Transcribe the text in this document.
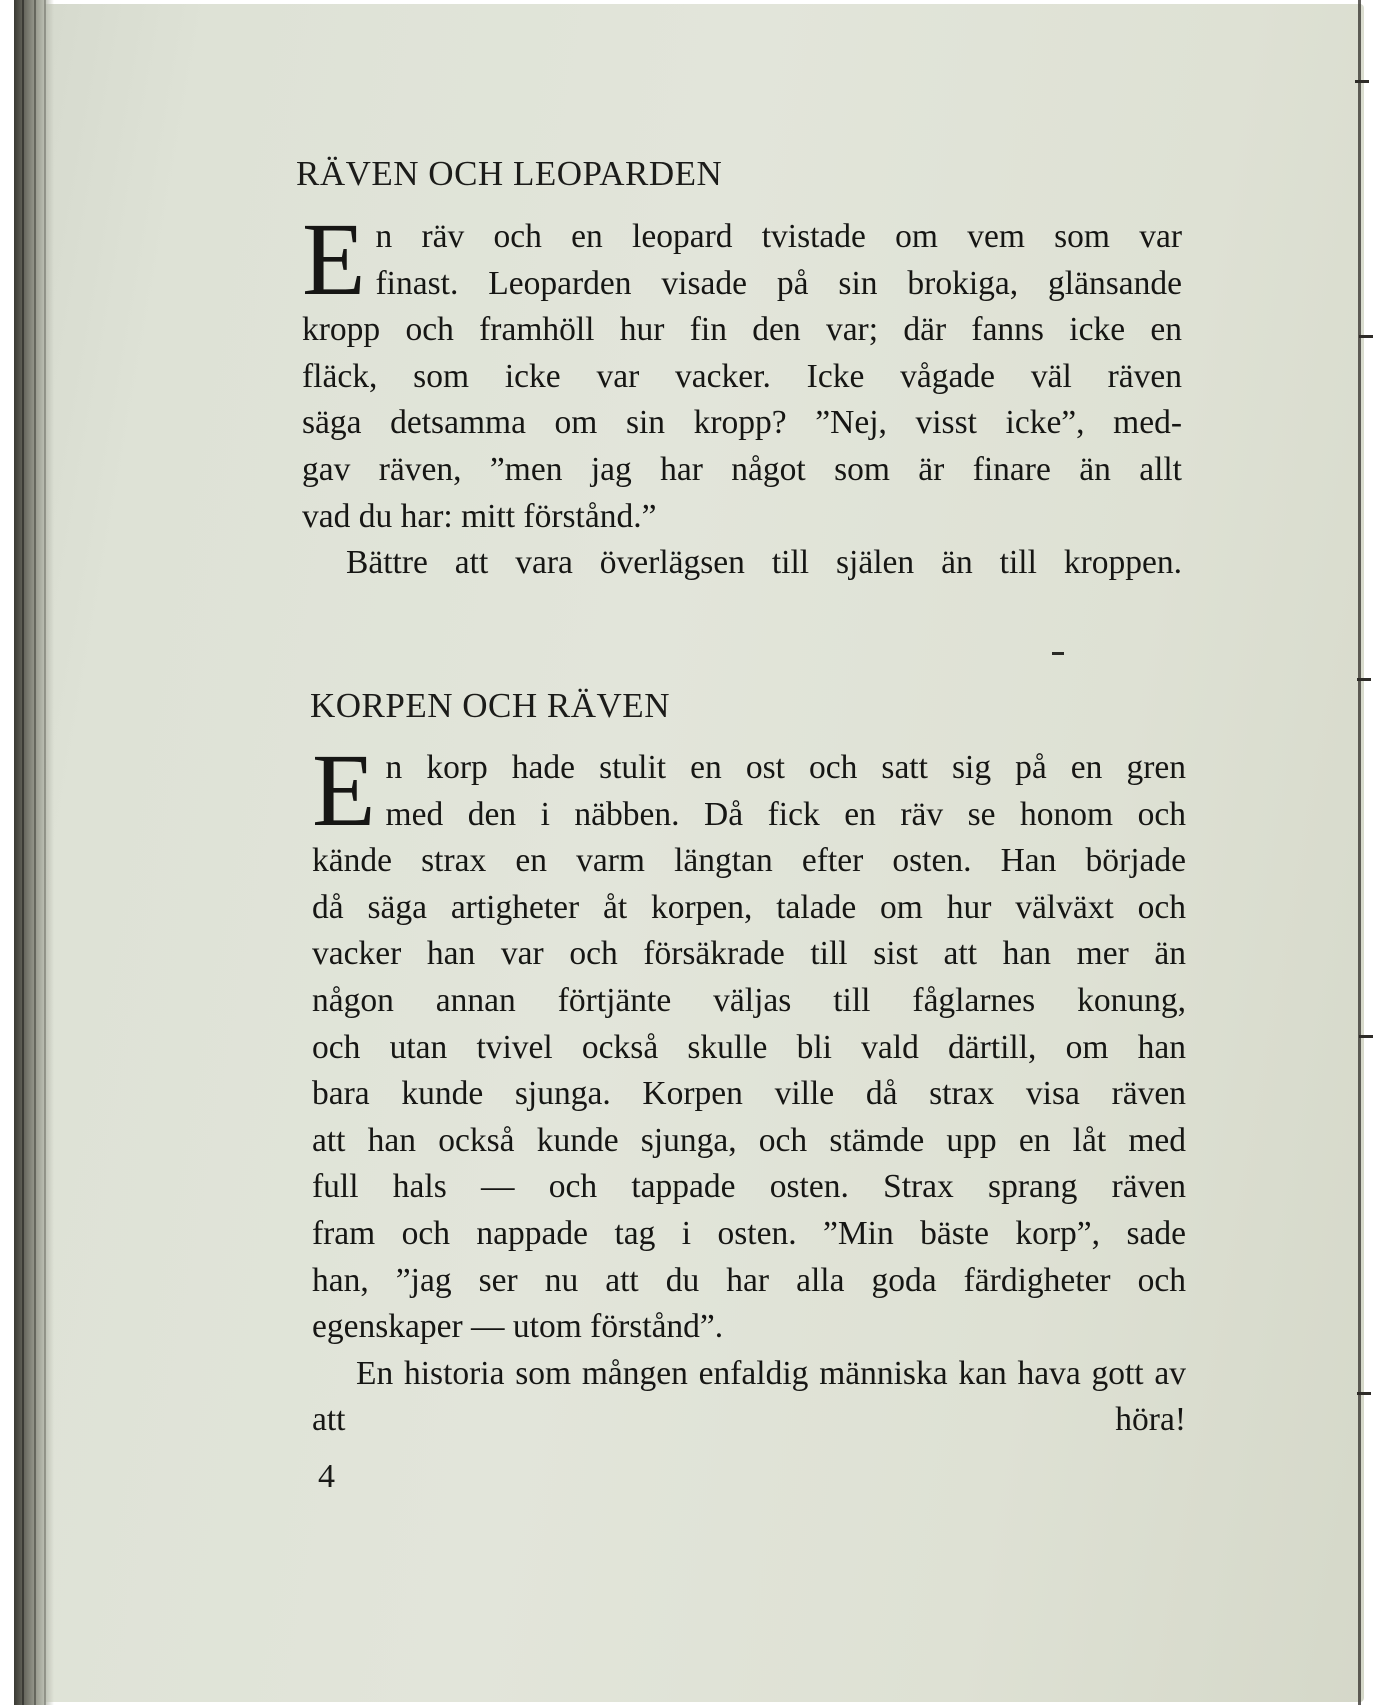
RÄVEN OCH LEOPARDEN
E n räv och en leopard tvistade om vem som var

finast. Leoparden visade på sin brokiga, glänsande

kropp och framhöll hur fin den var; där fanns icke en

fläck, som icke var vacker. Icke vågade väl räven

säga detsamma om sin kropp? ”Nej, visst icke”, med-

gav räven, ”men jag har något som är finare än allt

vad du har: mitt förstånd.”

Bättre att vara överlägsen till själen än till kroppen.

KORPEN OCH RÄVEN
E n korp hade stulit en ost och satt sig på en gren

med den i näbben. Då fick en räv se honom och

kände strax en varm längtan efter osten. Han började

då säga artigheter åt korpen, talade om hur välväxt och

vacker han var och försäkrade till sist att han mer än

någon annan förtjänte väljas till fåglarnes konung,

och utan tvivel också skulle bli vald därtill, om han

bara kunde sjunga. Korpen ville då strax visa räven

att han också kunde sjunga, och stämde upp en låt med

full hals — och tappade osten. Strax sprang räven

fram och nappade tag i osten. ”Min bäste korp”, sade

han, ”jag ser nu att du har alla goda färdigheter och

egenskaper — utom förstånd”.

En historia som mången enfaldig människa kan hava gott av att höra!

4
